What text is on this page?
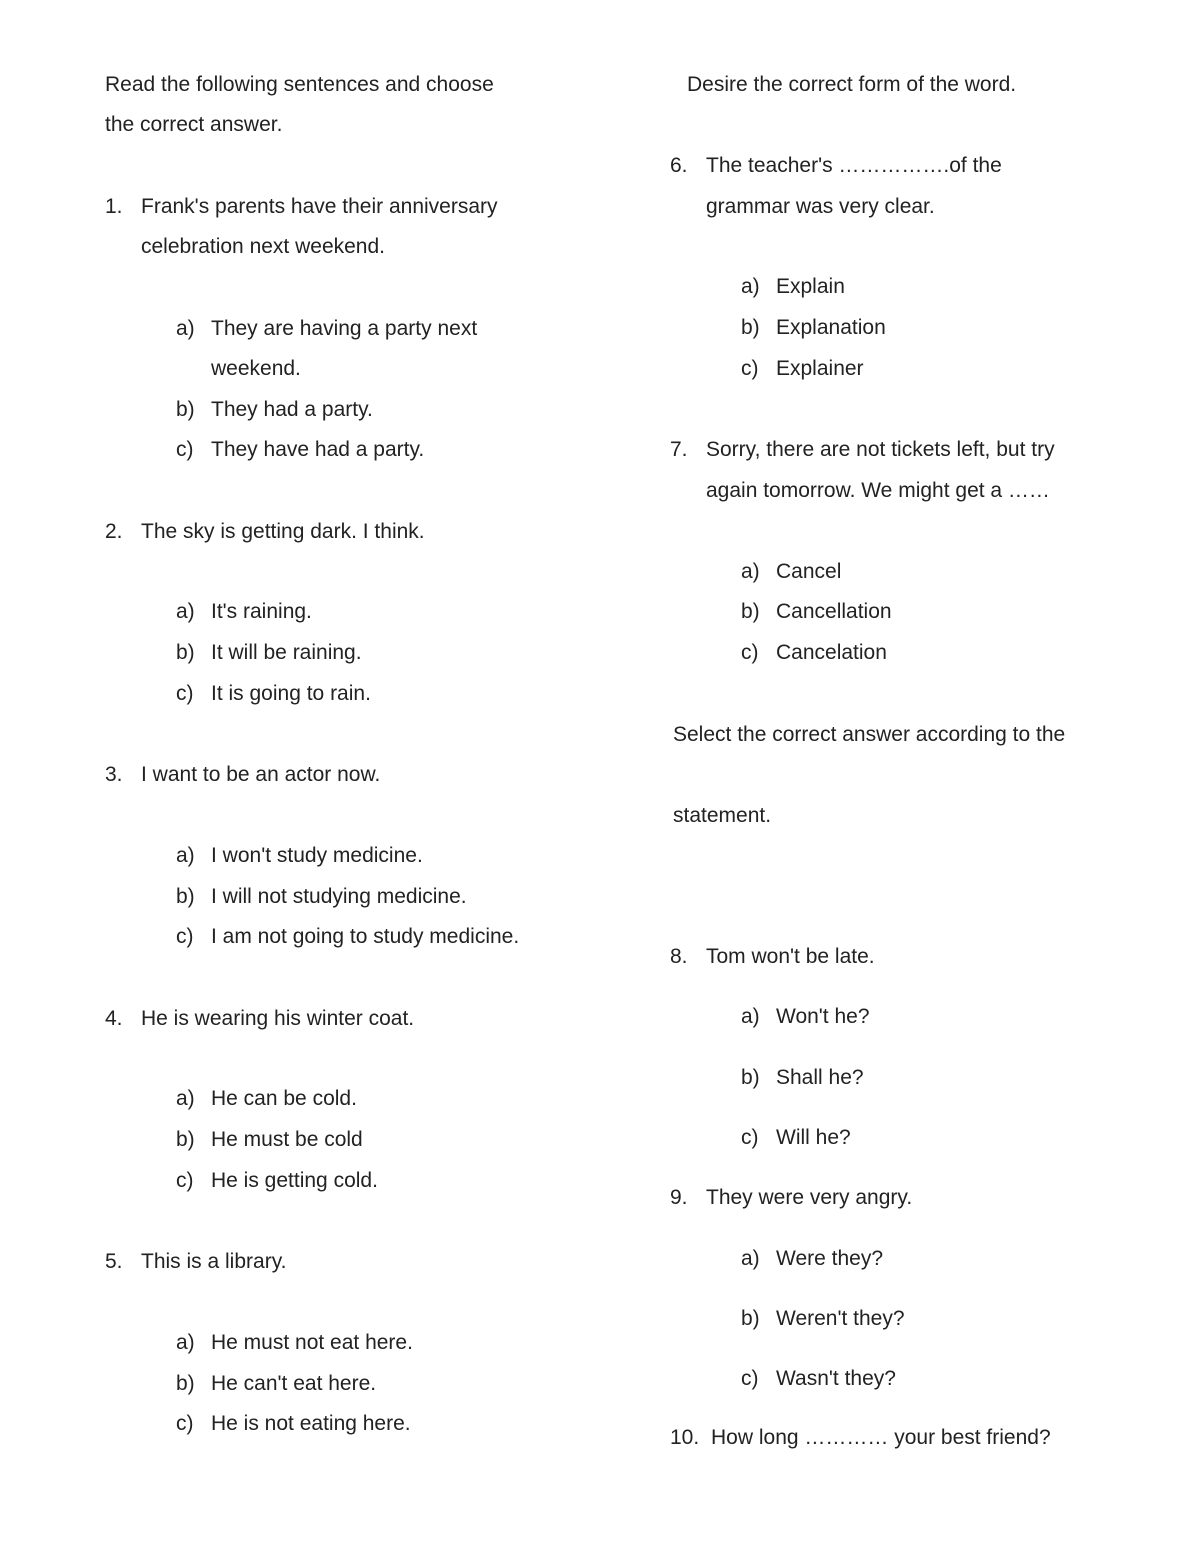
Read the following sentences and choose
the correct answer.
1. Frank's parents have their anniversary
celebration next weekend.
a) They are having a party next
weekend.
b) They had a party.
c) They have had a party.
2. The sky is getting dark. I think.
a) It's raining.
b) It will be raining.
c) It is going to rain.
3. I want to be an actor now.
a) I won't study medicine.
b) I will not studying medicine.
c) I am not going to study medicine.
4. He is wearing his winter coat.
a) He can be cold.
b) He must be cold
c) He is getting cold.
5. This is a library.
a) He must not eat here.
b) He can't eat here.
c) He is not eating here.
Desire the correct form of the word.
6. The teacher's …………….of the
grammar was very clear.
a) Explain
b) Explanation
c) Explainer
7. Sorry, there are not tickets left, but try
again tomorrow. We might get a ……
a) Cancel
b) Cancellation
c) Cancelation
Select the correct answer according to the
statement.
8. Tom won't be late.
a) Won't he?
b) Shall he?
c) Will he?
9. They were very angry.
a) Were they?
b) Weren't they?
c) Wasn't they?
10. How long ………… your best friend?
